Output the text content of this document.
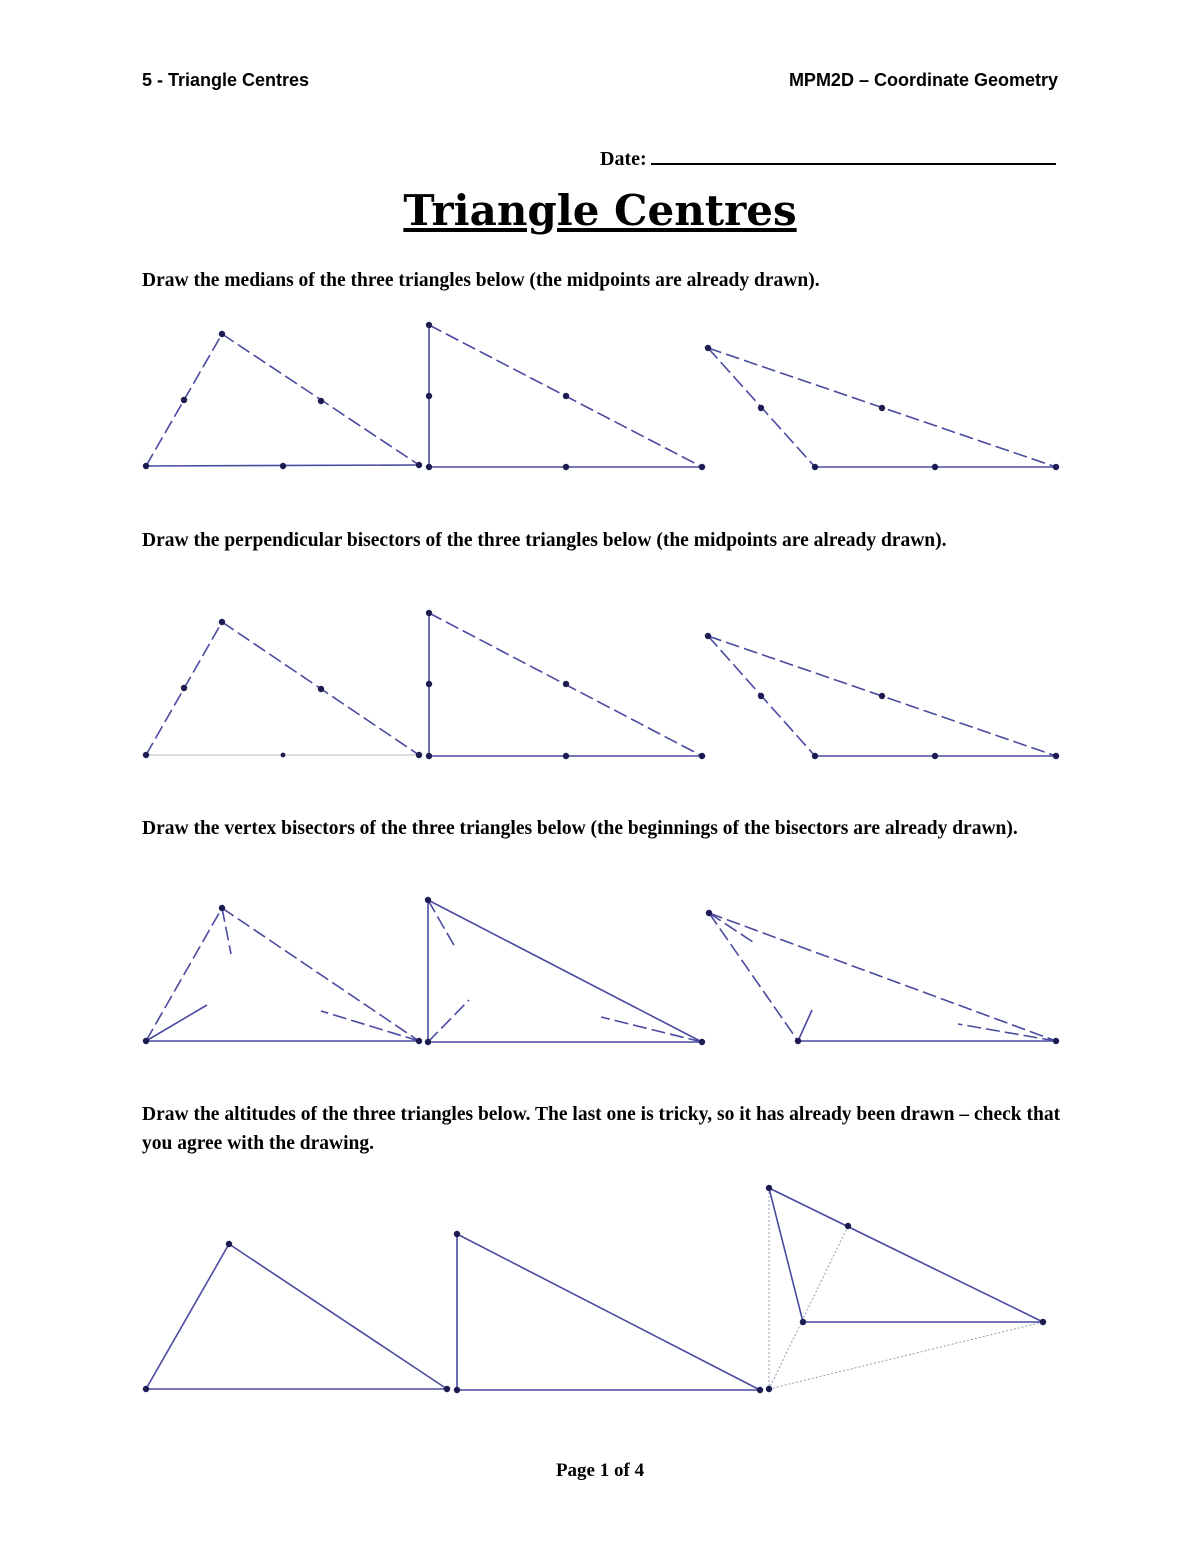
5 - Triangle Centres	MPM2D – Coordinate Geometry
Date:
Triangle Centres
Draw the medians of the three triangles below (the midpoints are already drawn).
Draw the perpendicular bisectors of the three triangles below (the midpoints are already drawn).
Draw the vertex bisectors of the three triangles below (the beginnings of the bisectors are already drawn).
Draw the altitudes of the three triangles below. The last one is tricky, so it has already been drawn – check that you agree with the drawing.
Page 1 of 4
